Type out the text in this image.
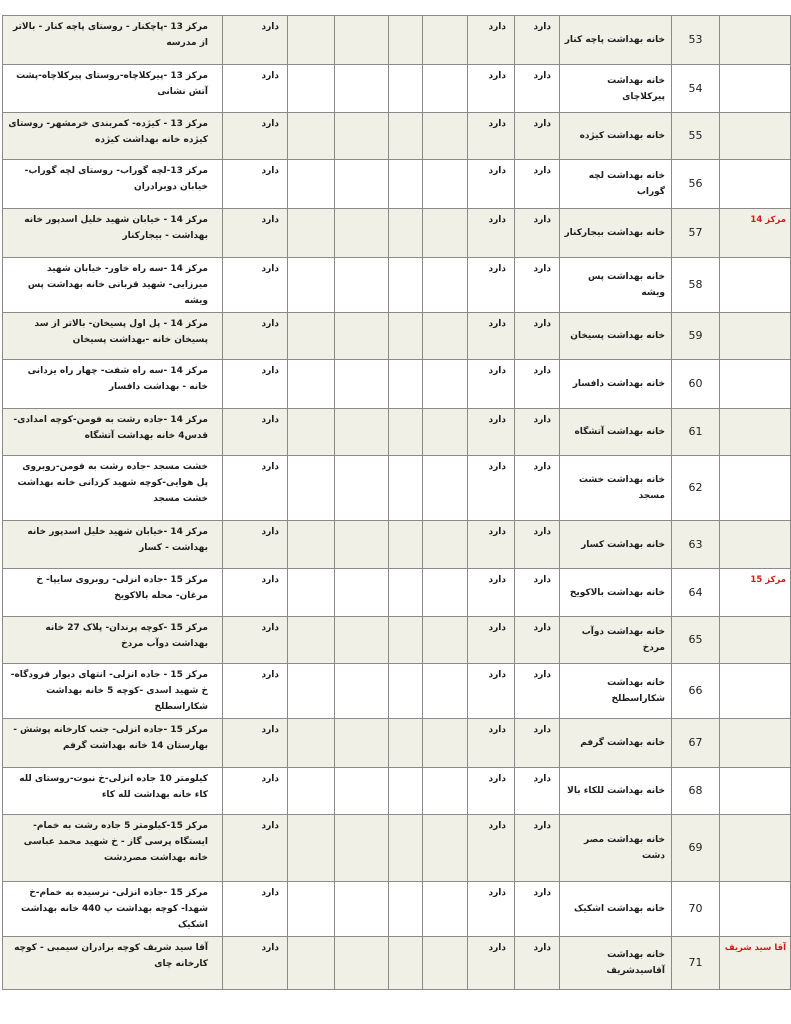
مرکز 13 -پاچکنار - روستای پاچه کنار - بالاتر از مدرسه	دارد					دارد	دارد	خانه بهداشت پاچه کنار	53	
مرکز 13 -پیرکلاچاه-روستای پیرکلاچاه-پشت آتش نشانی	دارد					دارد	دارد	خانه بهداشت پیرکلاچای	54	
مرکز 13 - کیژده- کمربندی خرمشهر- روستای کیژده خانه بهداشت کیژده	دارد					دارد	دارد	خانه بهداشت کیژده	55	
مرکز 13-لچه گوراب- روستای لچه گوراب- خیابان دوبرادران	دارد					دارد	دارد	خانه بهداشت لچه گوراب	56	
مرکز 14 - خیابان شهید خلیل اسدپور خانه بهداشت - بیجارکنار	دارد					دارد	دارد	خانه بهداشت بیجارکنار	57	مرکز 14
مرکز 14 -سه راه خاور- خیابان شهید میرزایی- شهید قربانی خانه بهداشت پس ویشه	دارد					دارد	دارد	خانه بهداشت پس ویشه	58	
مرکز 14 - پل اول پسیخان- بالاتر از سد پسیخان خانه -بهداشت پسیخان	دارد					دارد	دارد	خانه بهداشت پسیخان	59	
مرکز 14 -سه راه شفت- چهار راه یزدانی خانه - بهداشت دافسار	دارد					دارد	دارد	خانه بهداشت دافسار	60	
مرکز 14 -جاده رشت به فومن-کوچه امدادی- قدس4 خانه بهداشت آتشگاه	دارد					دارد	دارد	خانه بهداشت آتشگاه	61	
خشت مسجد -جاده رشت به فومن-روبروی پل هوایی-کوچه شهید کردانی خانه بهداشت خشت مسجد	دارد					دارد	دارد	خانه بهداشت خشت مسجد	62	
مرکز 14 -خیابان شهید خلیل اسدپور خانه بهداشت - کسار	دارد					دارد	دارد	خانه بهداشت کسار	63	
مرکز 15 -جاده انزلی- روبروی سایپا- خ مرغان- محله بالاکویخ	دارد					دارد	دارد	خانه بهداشت بالاکویخ	64	مرکز 15
مرکز 15 -کوچه پرندان- پلاک 27 خانه بهداشت دوآب مردخ	دارد					دارد	دارد	خانه بهداشت دوآب مردخ	65	
مرکز 15 - جاده انزلی- انتهای دیوار فرودگاه- خ شهید اسدی -کوچه 5 خانه بهداشت شکاراسطلخ	دارد					دارد	دارد	خانه بهداشت شکاراسطلخ	66	
مرکز 15 -جاده انزلی- جنب کارخانه پوشش - بهارستان 14 خانه بهداشت گرفم	دارد					دارد	دارد	خانه بهداشت گرفم	67	
کیلومتر 10 جاده انزلی-خ نبوت-روستای لله کاء خانه بهداشت لله کاء	دارد					دارد	دارد	خانه بهداشت للکاء بالا	68	
مرکز 15-کیلومتر 5 جاده رشت به خمام- ایستگاه پرسی گاز - خ شهید محمد عباسی خانه بهداشت مصردشت	دارد					دارد	دارد	خانه بهداشت مصر دشت	69	
مرکز 15 -جاده انزلی- نرسیده به خمام-خ شهدا- کوچه بهداشت پ 440 خانه بهداشت اشکیک	دارد					دارد	دارد	خانه بهداشت اشکیک	70	
آقا سید شریف کوچه برادران سیمبی - کوچه کارخانه چای	دارد					دارد	دارد	خانه بهداشت آقاسیدشریف	71	آقا سید شریف
